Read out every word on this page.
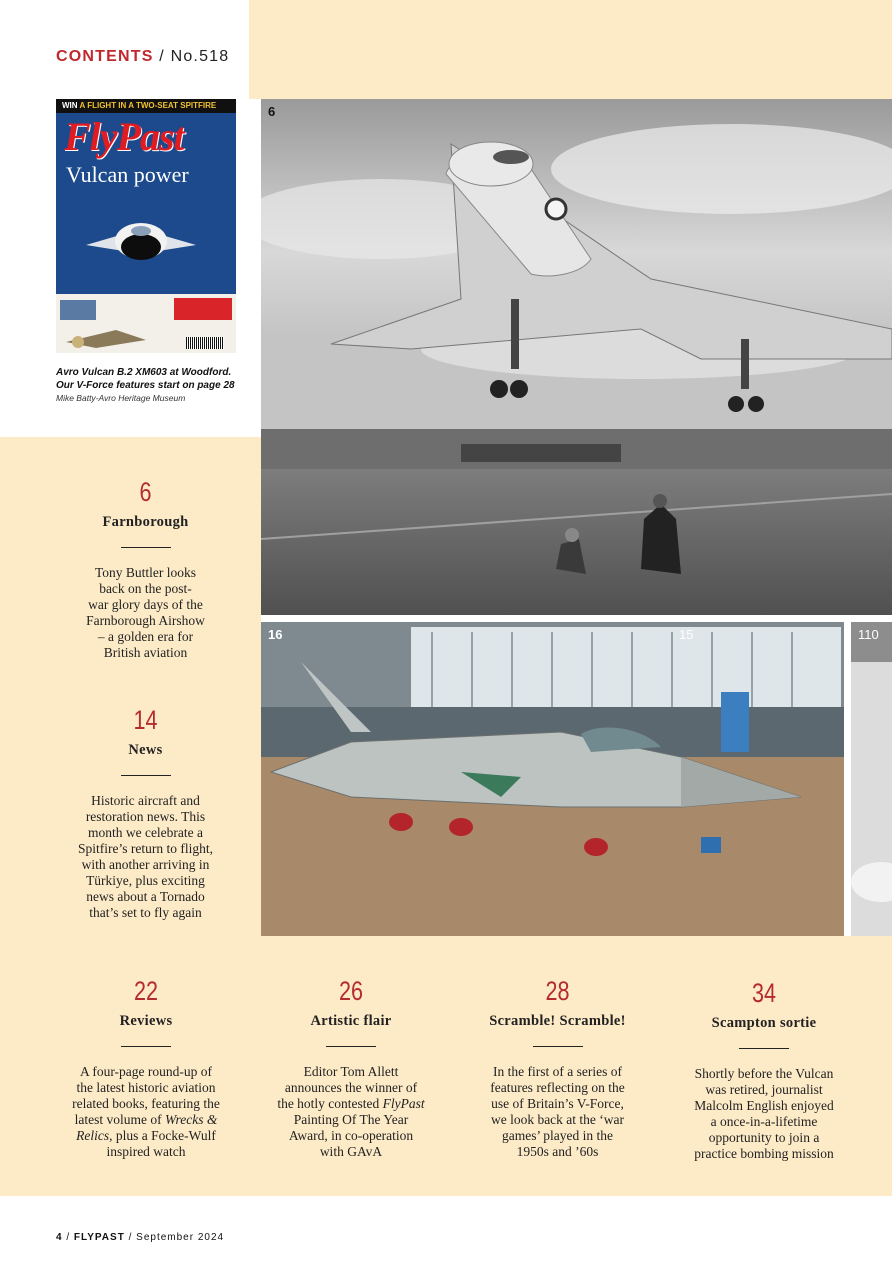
CONTENTS / No.518
WIN A FLIGHT IN A TWO-SEAT SPITFIRE
FlyPast
Vulcan power
Avro Vulcan B.2 XM603 at Woodford.
Our V-Force features start on page 28
Mike Batty-Avro Heritage Museum
6
16	15	110
6
Farnborough
Tony Buttler looks
back on the post-
war glory days of the
Farnborough Airshow
– a golden era for
British aviation
14
News
Historic aircraft and
restoration news. This
month we celebrate a
Spitfire’s return to flight,
with another arriving in
Türkiye, plus exciting
news about a Tornado
that’s set to fly again
22
Reviews
A four-page round-up of
the latest historic aviation
related books, featuring the
latest volume of Wrecks &
Relics, plus a Focke-Wulf
inspired watch
26
Artistic flair
Editor Tom Allett
announces the winner of
the hotly contested FlyPast
Painting Of The Year
Award, in co-operation
with GAvA
28
Scramble! Scramble!
In the first of a series of
features reflecting on the
use of Britain’s V-Force,
we look back at the ‘war
games’ played in the
1950s and ’60s
34
Scampton sortie
Shortly before the Vulcan
was retired, journalist
Malcolm English enjoyed
a once-in-a-lifetime
opportunity to join a
practice bombing mission
4 / FLYPAST / September 2024
